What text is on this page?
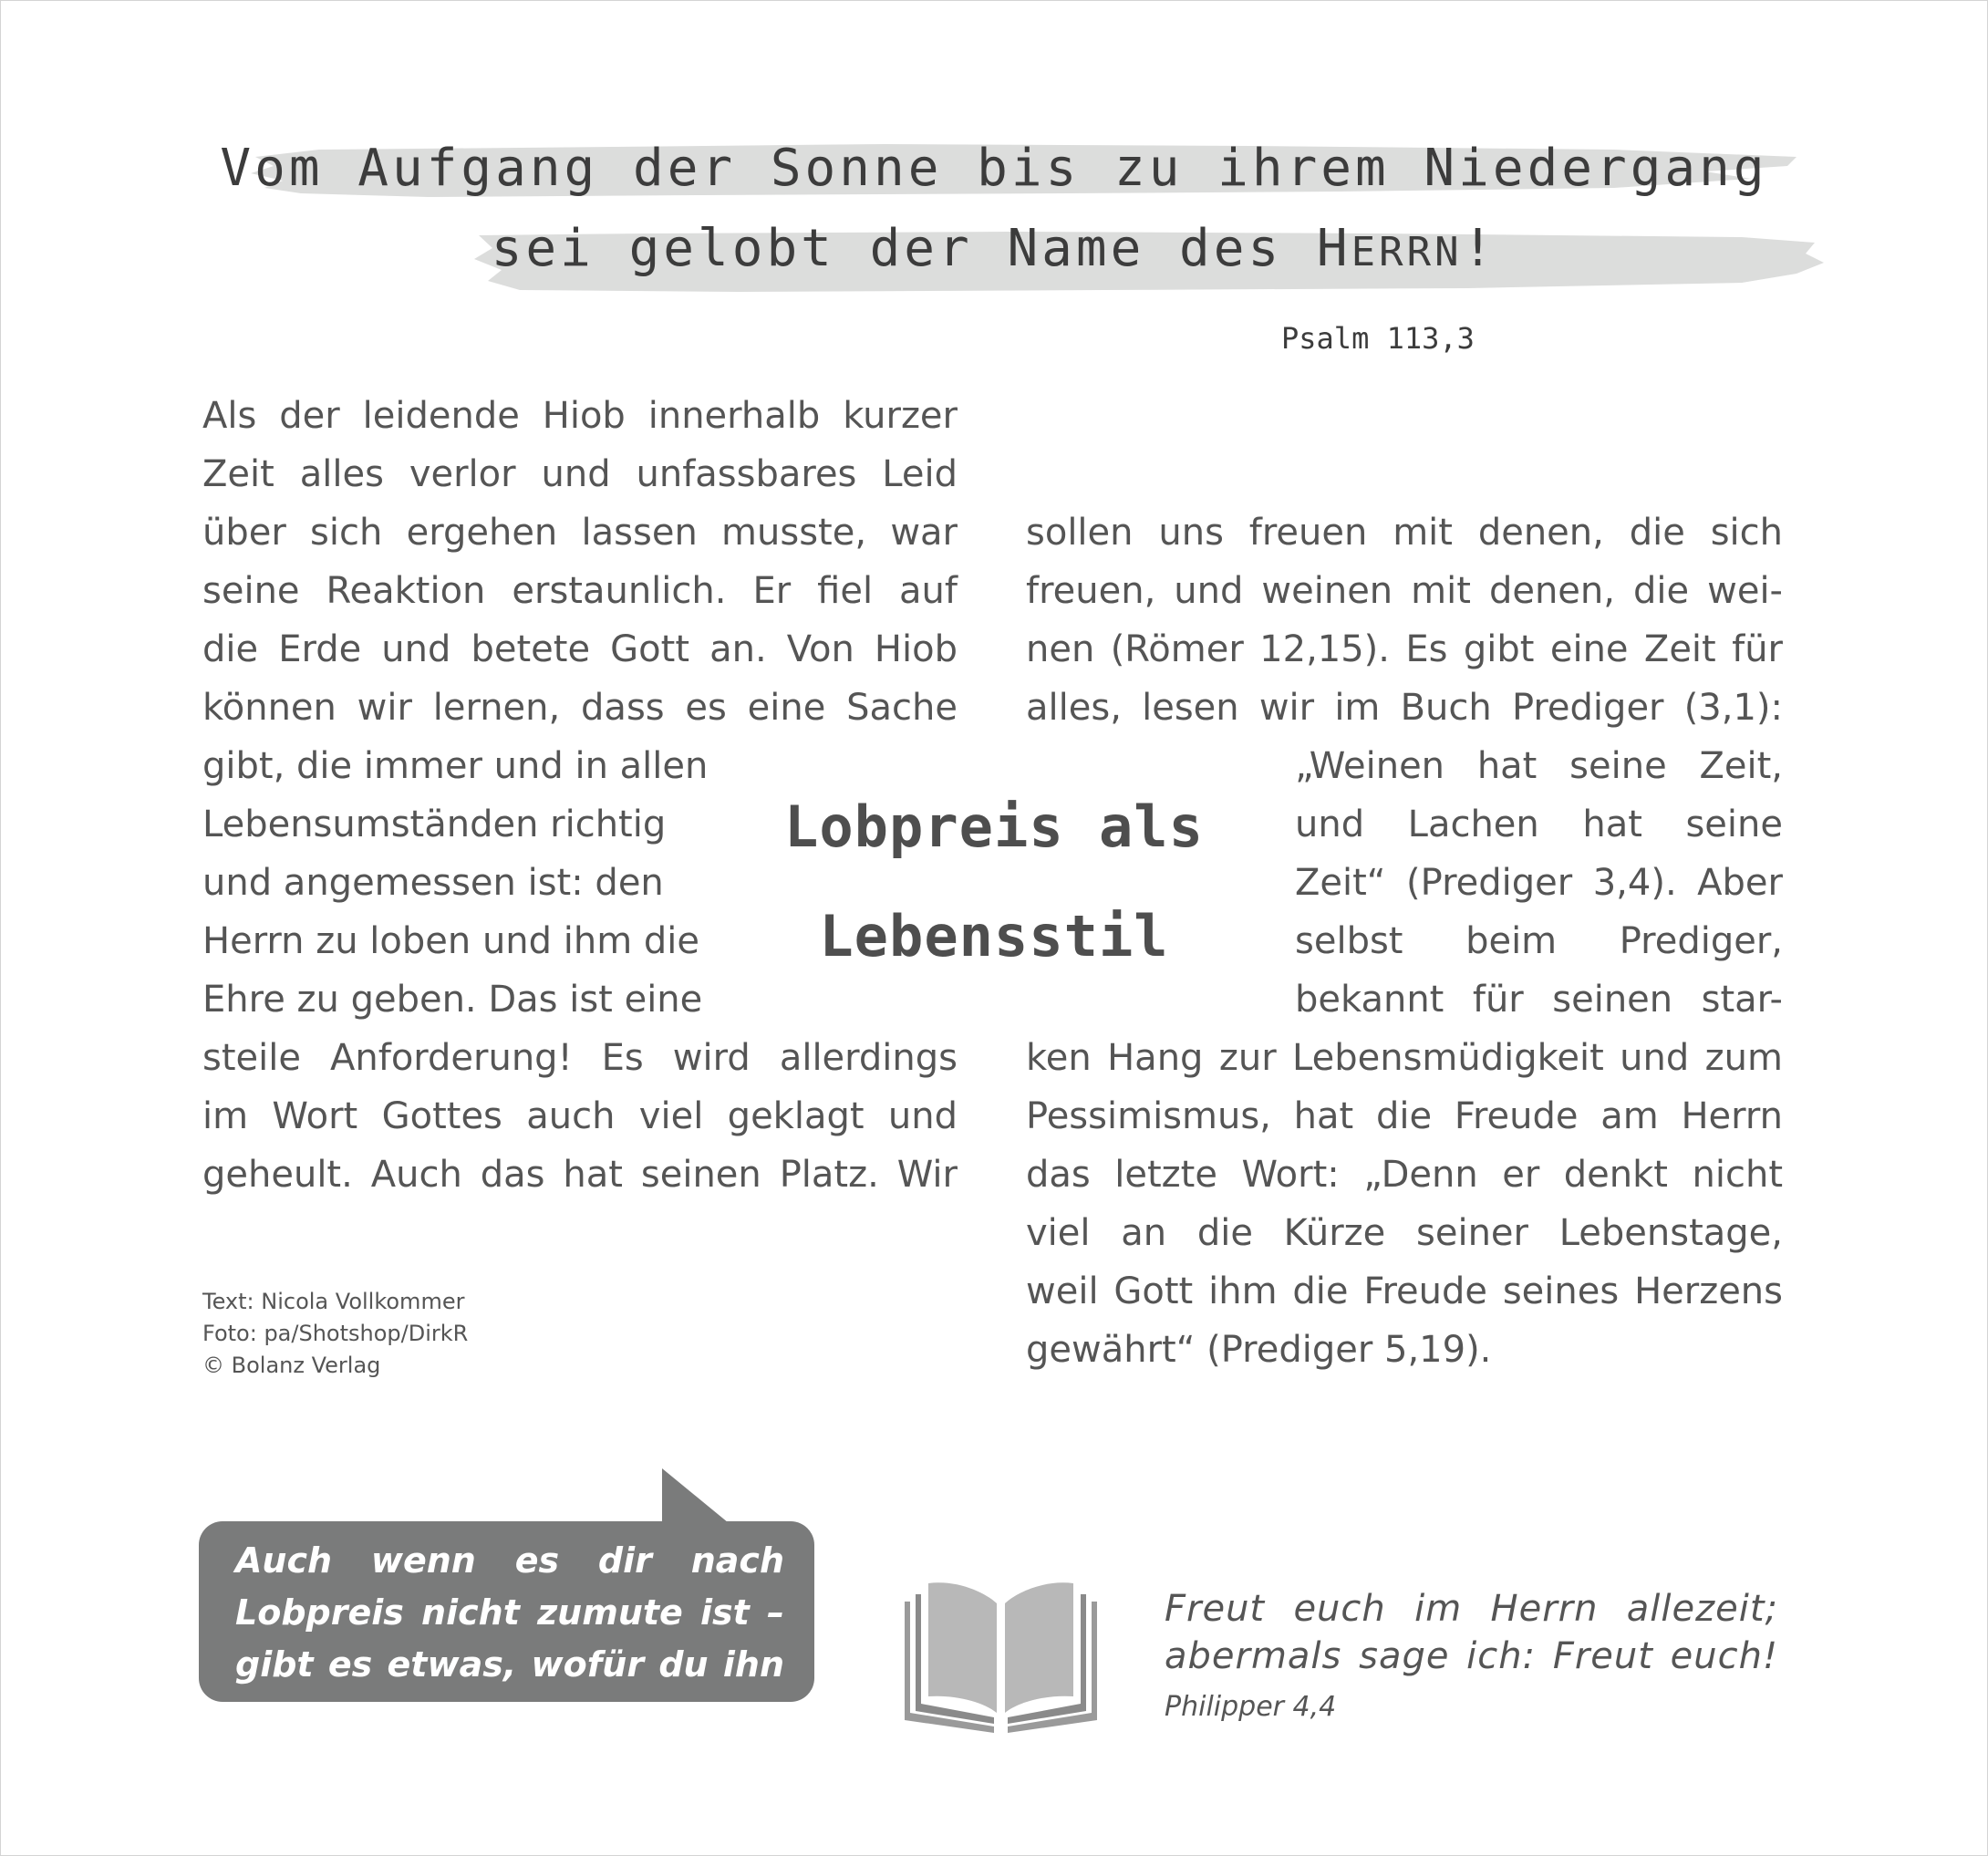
Vom Aufgang der Sonne bis zu ihrem Niedergang
sei gelobt der Name des HERRN!
Psalm 113,3
Als der leidende Hiob innerhalb kurzer
Zeit alles verlor und unfassbares Leid
über sich ergehen lassen musste, war
seine Reaktion erstaunlich. Er fiel auf
die Erde und betete Gott an. Von Hiob
können wir lernen, dass es eine Sache
gibt, die immer und in allen
Lebensumständen richtig
und angemessen ist: den
Herrn zu loben und ihm die
Ehre zu geben. Das ist eine
steile Anforderung! Es wird allerdings
im Wort Gottes auch viel geklagt und
geheult. Auch das hat seinen Platz. Wir
Lobpreis als
Lebensstil
sollen uns freuen mit denen, die sich
freuen, und weinen mit denen, die wei-
nen (Römer 12,15). Es gibt eine Zeit für
alles, lesen wir im Buch Prediger (3,1):
„Weinen hat seine Zeit,
und Lachen hat seine
Zeit“ (Prediger 3,4). Aber
selbst beim Prediger,
bekannt für seinen star-
ken Hang zur Lebensmüdigkeit und zum
Pessimismus, hat die Freude am Herrn
das letzte Wort: „Denn er denkt nicht
viel an die Kürze seiner Lebenstage,
weil Gott ihm die Freude seines Herzens
gewährt“ (Prediger 5,19).
Text: Nicola Vollkommer
Foto: pa/Shotshop/DirkR
© Bolanz Verlag
Auch wenn es dir nach
Lobpreis nicht zumute ist –
gibt es etwas, wofür du ihn
heute loben kannst?
Freut euch im Herrn allezeit;
abermals sage ich: Freut euch!
Philipper 4,4
